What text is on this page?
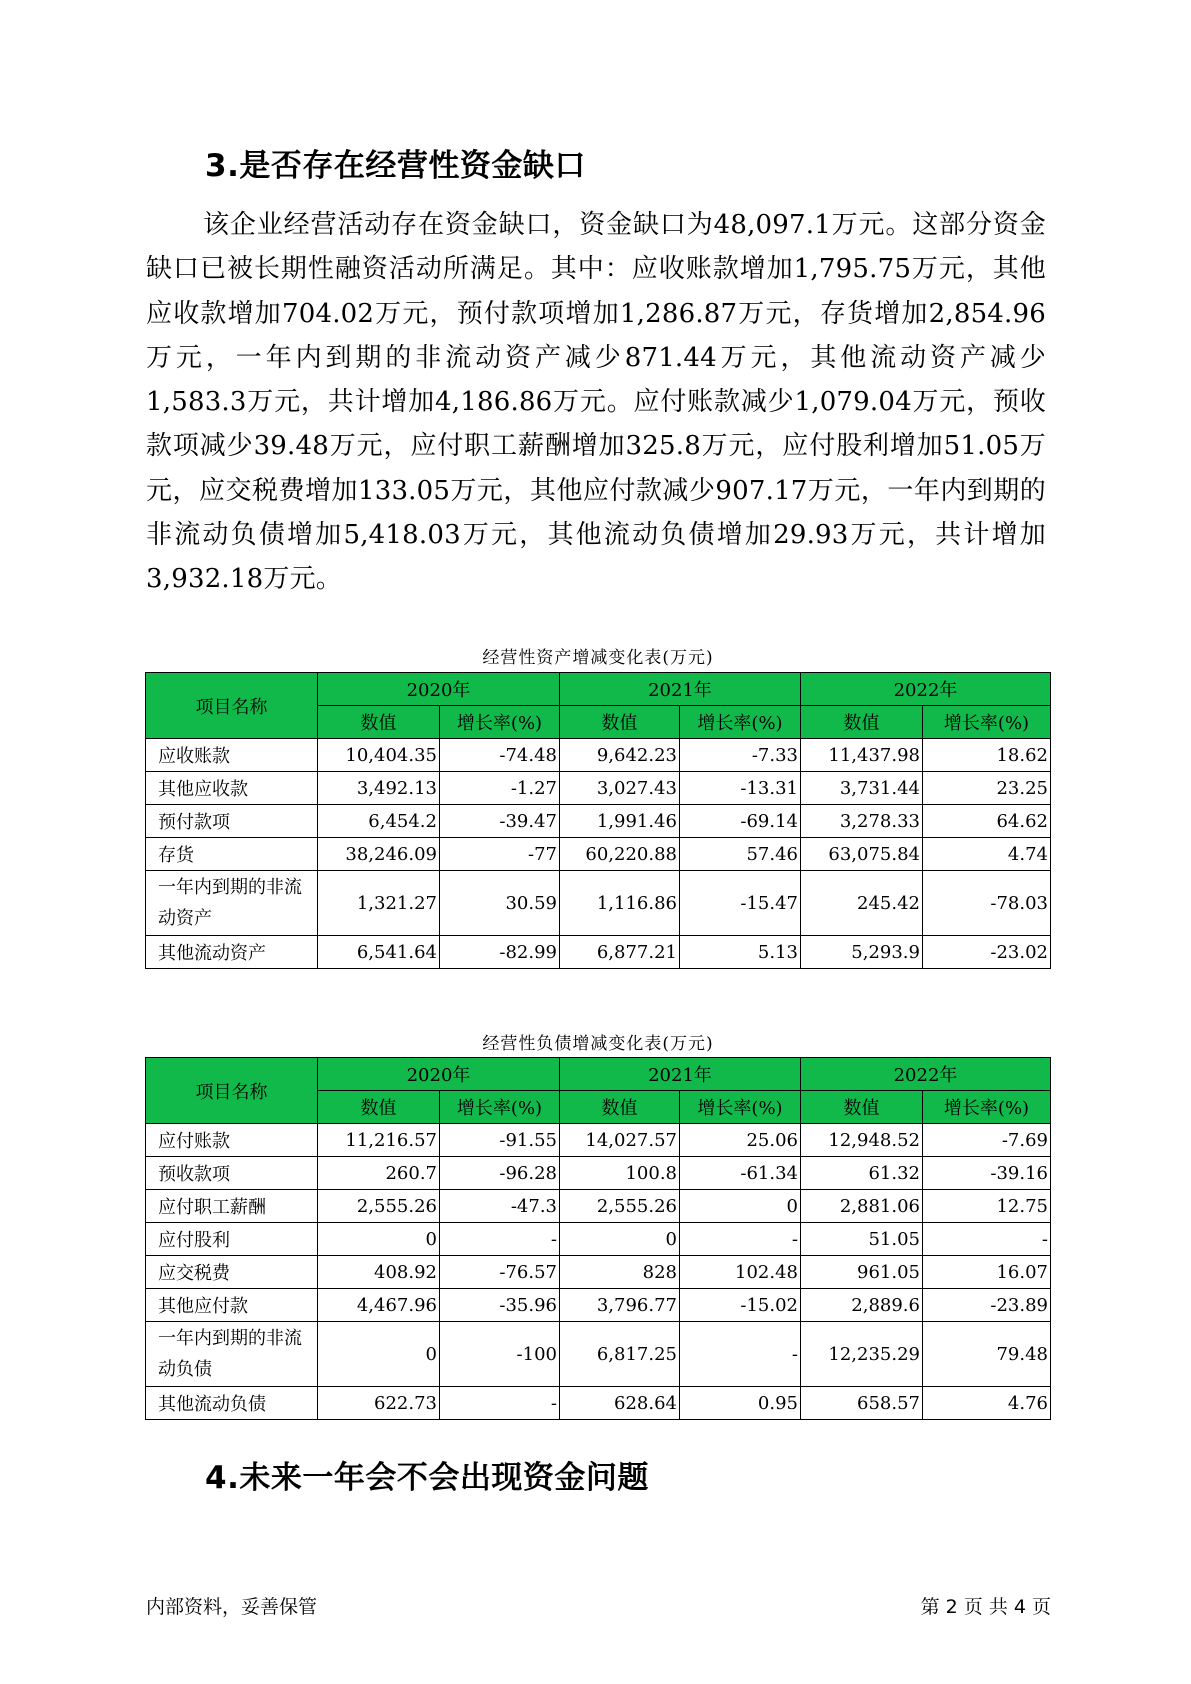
3.是否存在经营性资金缺口

该企业经营活动存在资金缺口，资金缺口为48,097.1万元。这部分资金缺口已被长期性融资活动所满足。其中：应收账款增加1,795.75万元，其他应收款增加704.02万元，预付款项增加1,286.87万元，存货增加2,854.96万元，一年内到期的非流动资产减少871.44万元，其他流动资产减少1,583.3万元，共计增加4,186.86万元。应付账款减少1,079.04万元，预收款项减少39.48万元，应付职工薪酬增加325.8万元，应付股利增加51.05万元，应交税费增加133.05万元，其他应付款减少907.17万元，一年内到期的非流动负债增加5,418.03万元，其他流动负债增加29.93万元，共计增加3,932.18万元。

经营性资产增减变化表(万元)
项目名称	2020年		2021年		2022年	
	数值	增长率(%)	数值	增长率(%)	数值	增长率(%)
应收账款	10,404.35	-74.48	9,642.23	-7.33	11,437.98	18.62
其他应收款	3,492.13	-1.27	3,027.43	-13.31	3,731.44	23.25
预付款项	6,454.2	-39.47	1,991.46	-69.14	3,278.33	64.62
存货	38,246.09	-77	60,220.88	57.46	63,075.84	4.74
一年内到期的非流动资产	1,321.27	30.59	1,116.86	-15.47	245.42	-78.03
其他流动资产	6,541.64	-82.99	6,877.21	5.13	5,293.9	-23.02
经营性负债增减变化表(万元)
项目名称	2020年		2021年		2022年	
	数值	增长率(%)	数值	增长率(%)	数值	增长率(%)
应付账款	11,216.57	-91.55	14,027.57	25.06	12,948.52	-7.69
预收款项	260.7	-96.28	100.8	-61.34	61.32	-39.16
应付职工薪酬	2,555.26	-47.3	2,555.26	0	2,881.06	12.75
应付股利	0	-	0	-	51.05	-
应交税费	408.92	-76.57	828	102.48	961.05	16.07
其他应付款	4,467.96	-35.96	3,796.77	-15.02	2,889.6	-23.89
一年内到期的非流动负债	0	-100	6,817.25	-	12,235.29	79.48
其他流动负债	622.73	-	628.64	0.95	658.57	4.76
4.未来一年会不会出现资金问题
内部资料，妥善保管	第 2 页 共 4 页
